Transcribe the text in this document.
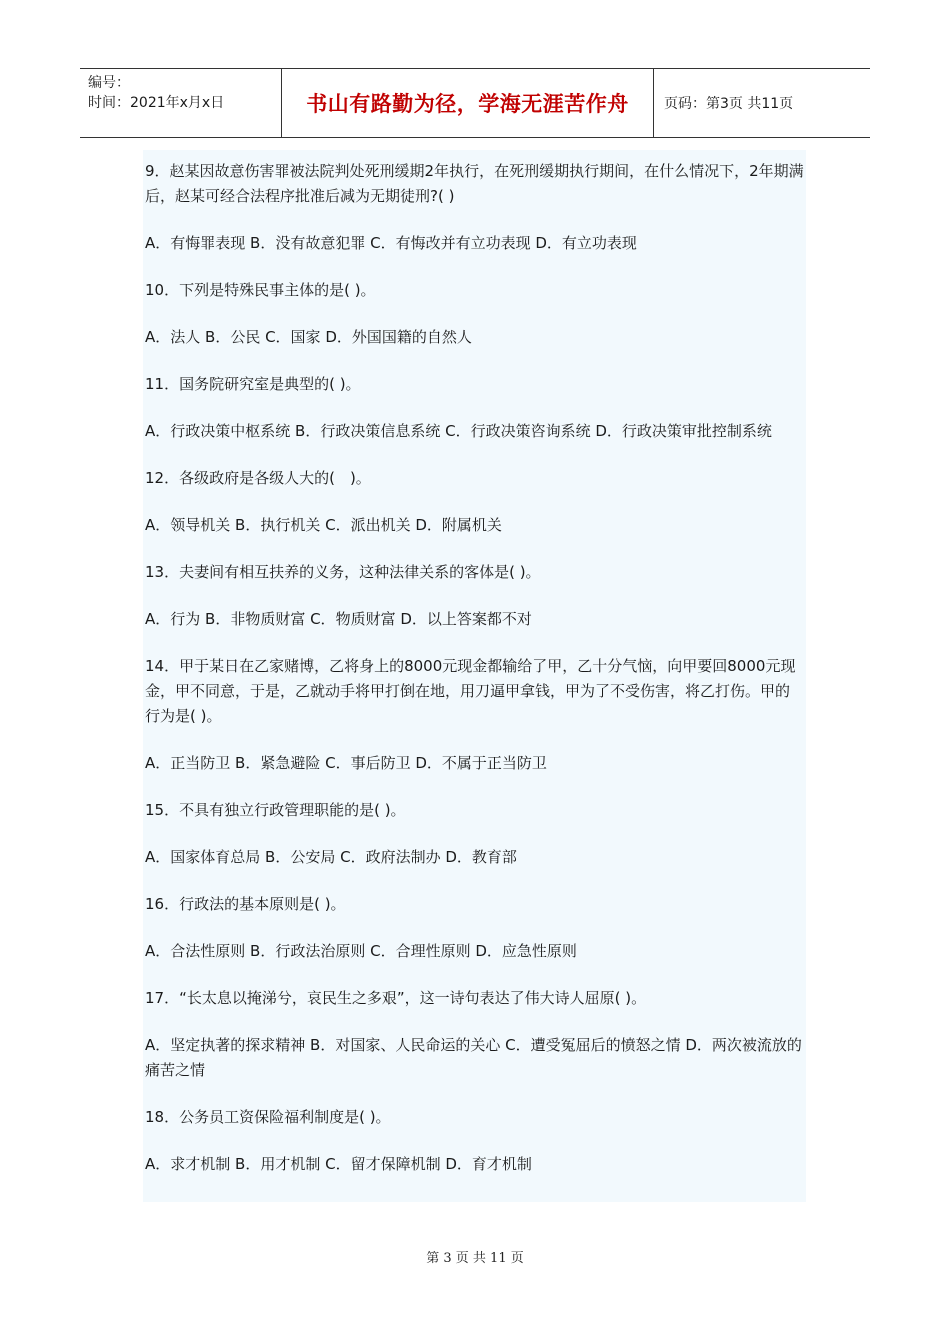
编号：
时间：2021年x月x日	书山有路勤为径，学海无涯苦作舟	页码：第3页 共11页

9．赵某因故意伤害罪被法院判处死刑缓期2年执行，在死刑缓期执行期间，在什么情况下，2年期满后，赵某可经合法程序批准后减为无期徒刑?( )

A．有悔罪表现 B．没有故意犯罪 C．有悔改并有立功表现 D．有立功表现

10．下列是特殊民事主体的是( )。

A．法人 B．公民 C．国家 D．外国国籍的自然人

11．国务院研究室是典型的( )。

A．行政决策中枢系统 B．行政决策信息系统 C．行政决策咨询系统 D．行政决策审批控制系统

12．各级政府是各级人大的(　)。

A．领导机关 B．执行机关 C．派出机关 D．附属机关

13．夫妻间有相互扶养的义务，这种法律关系的客体是( )。

A．行为 B．非物质财富 C．物质财富 D．以上答案都不对

14．甲于某日在乙家赌博，乙将身上的8000元现金都输给了甲，乙十分气恼，向甲要回8000元现金，甲不同意，于是，乙就动手将甲打倒在地，用刀逼甲拿钱，甲为了不受伤害，将乙打伤。甲的行为是( )。

A．正当防卫 B．紧急避险 C．事后防卫 D．不属于正当防卫

15．不具有独立行政管理职能的是( )。

A．国家体育总局 B．公安局 C．政府法制办 D．教育部

16．行政法的基本原则是( )。

A．合法性原则 B．行政法治原则 C．合理性原则 D．应急性原则

17．“长太息以掩涕兮，哀民生之多艰”，这一诗句表达了伟大诗人屈原( )。

A．坚定执著的探求精神 B．对国家、人民命运的关心 C．遭受冤屈后的愤怒之情 D．两次被流放的痛苦之情

18．公务员工资保险福利制度是( )。

A．求才机制 B．用才机制 C．留才保障机制 D．育才机制

第 3 页 共 11 页
